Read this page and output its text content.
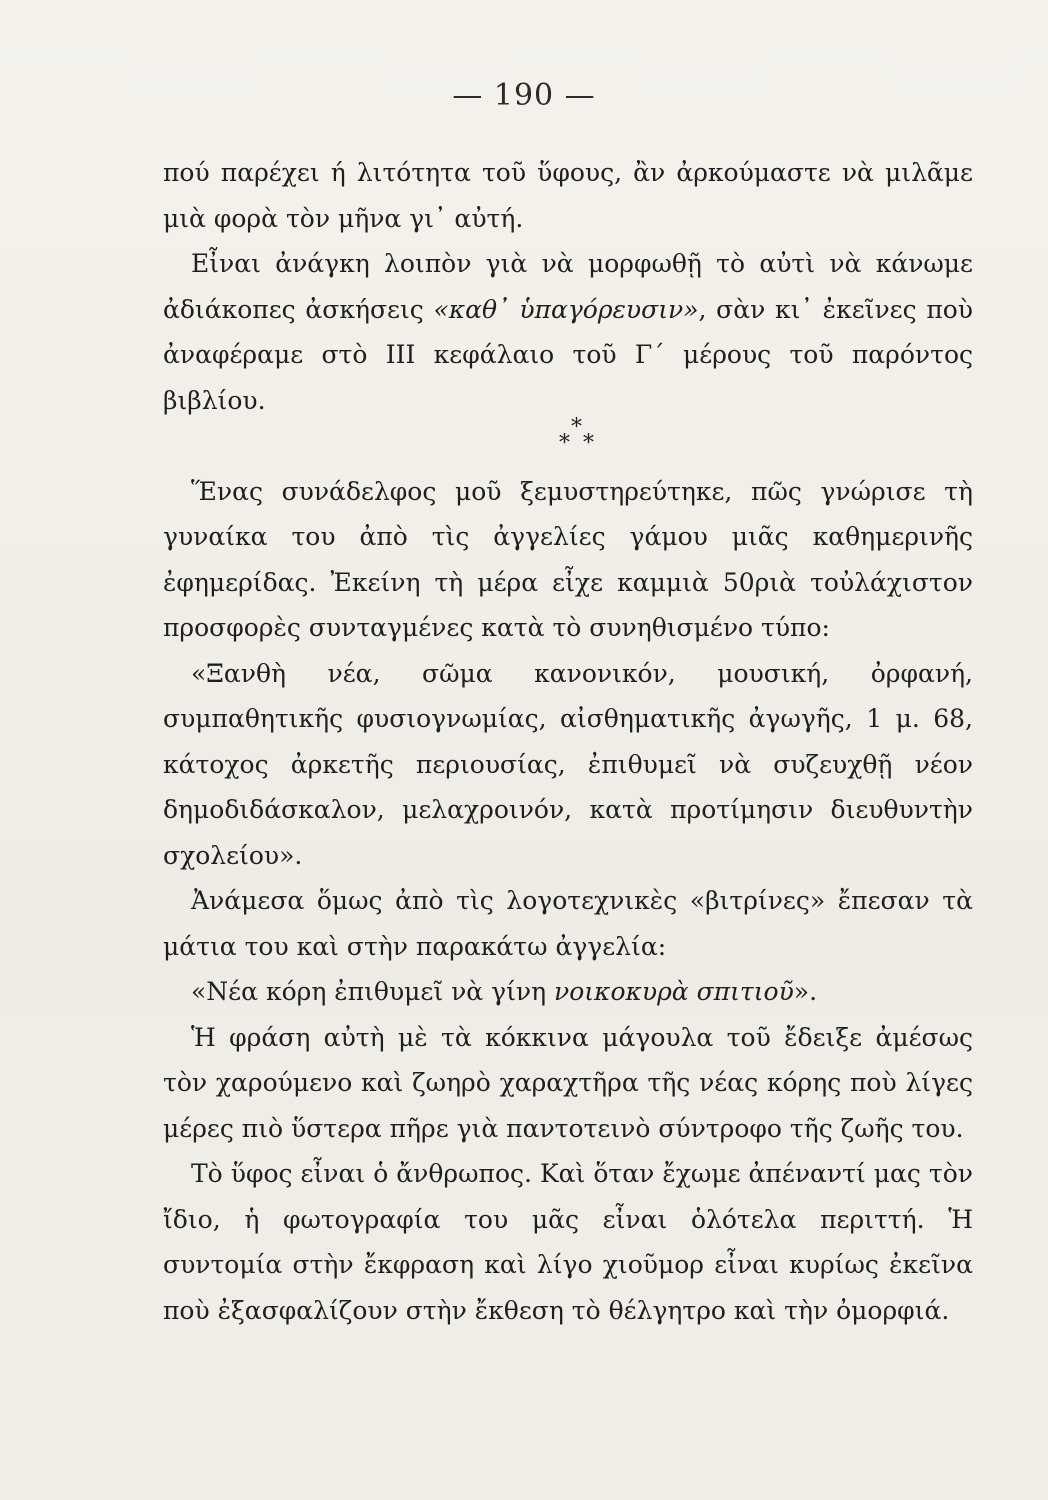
— 190 —

πού παρέχει ή λιτότητα τοῦ ὕφους, ἂν ἀρκούμαστε νὰ μιλᾶμε μιὰ φορὰ τὸν μῆνα γι᾽ αὐτή.

Εἶναι ἀνάγκη λοιπὸν γιὰ νὰ μορφωθῇ τὸ αὐτὶ νὰ κάνωμε ἀδιάκοπες ἀσκήσεις «καθ᾽ ὑπαγόρευσιν», σὰν κι᾽ ἐκεῖνες ποὺ ἀναφέραμε στὸ III κεφάλαιο τοῦ Γ΄ μέρους τοῦ παρόντος βιβλίου.

*
* *

Ἕνας συνάδελφος μοῦ ξεμυστηρεύτηκε, πῶς γνώρισε τὴ γυναίκα του ἀπὸ τὶς ἀγγελίες γάμου μιᾶς καθημερινῆς ἐφημερίδας. Ἐκείνη τὴ μέρα εἶχε καμμιὰ 50ριὰ τοὐλάχιστον προσφορὲς συνταγμένες κατὰ τὸ συνηθισμένο τύπο:

«Ξανθὴ νέα, σῶμα κανονικόν, μουσική, ὀρφανή, συμπαθητικῆς φυσιογνωμίας, αἰσθηματικῆς ἀγωγῆς, 1 μ. 68, κάτοχος ἀρκετῆς περιουσίας, ἐπιθυμεῖ νὰ συζευχθῇ νέον δημοδιδάσκαλον, μελαχροινόν, κατὰ προτίμησιν διευθυντὴν σχολείου».

Ἀνάμεσα ὅμως ἀπὸ τὶς λογοτεχνικὲς «βιτρίνες» ἔπεσαν τὰ μάτια του καὶ στὴν παρακάτω ἀγγελία:

«Νέα κόρη ἐπιθυμεῖ νὰ γίνη νοικοκυρὰ σπιτιοῦ».

Ἡ φράση αὐτὴ μὲ τὰ κόκκινα μάγουλα τοῦ ἔδειξε ἀμέσως τὸν χαρούμενο καὶ ζωηρὸ χαραχτῆρα τῆς νέας κόρης ποὺ λίγες μέρες πιὸ ὕστερα πῆρε γιὰ παντοτεινὸ σύντροφο τῆς ζωῆς του.

Τὸ ὕφος εἶναι ὁ ἄνθρωπος. Καὶ ὅταν ἔχωμε ἀπέναντί μας τὸν ἴδιο, ἡ φωτογραφία του μᾶς εἶναι ὁλότελα περιττή. Ἡ συντομία στὴν ἔκφραση καὶ λίγο χιοῦμορ εἶναι κυρίως ἐκεῖνα ποὺ ἐξασφαλίζουν στὴν ἔκθεση τὸ θέλγητρο καὶ τὴν ὀμορφιά.
